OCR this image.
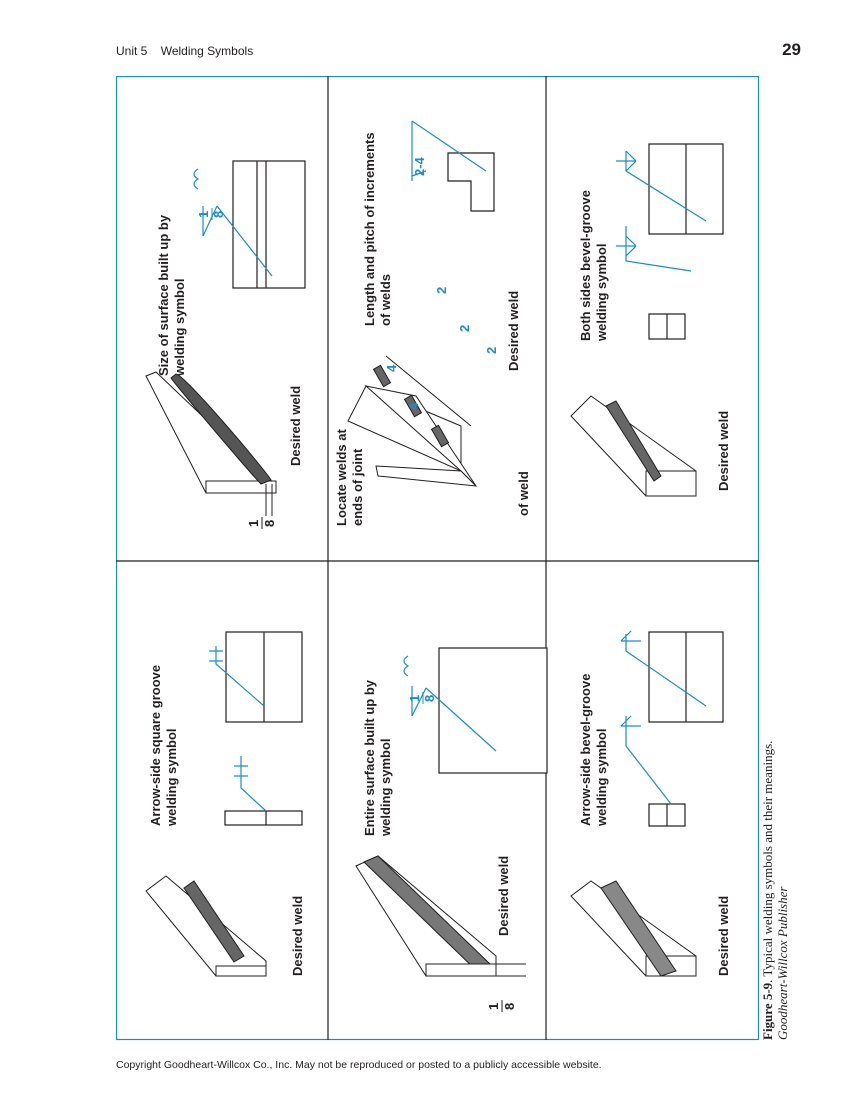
Unit 5 Welding Symbols	29
Size of surface built up by welding symbol
Desired weld
1 8
1 8	Length and pitch of increments of welds
Locate welds at ends of joint	of weld
Desired weld
4
4
2
2
2
2-4
Both sides bevel-groove welding symbol
Desired weld
Arrow-side square groove welding symbol
Desired weld
Entire surface built up by welding symbol
Desired weld
1 8
1 8	Arrow-side bevel-groove welding symbol
Desired weld
Figure 5-9. Typical welding symbols and their meanings. Goodheart-Willcox Publisher
Copyright Goodheart-Willcox Co., Inc. May not be reproduced or posted to a publicly accessible website.
